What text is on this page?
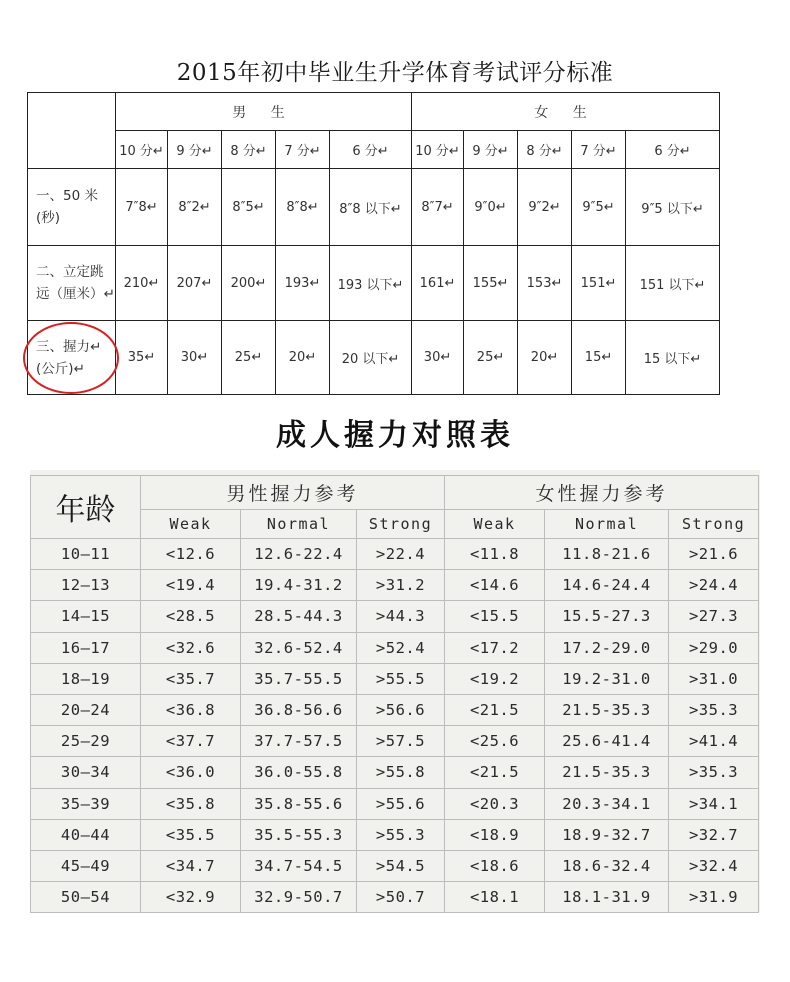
2015年初中毕业生升学体育考试评分标准
	男 生					女 生				
	10 分↵	9 分↵	8 分↵	7 分↵	6 分↵	10 分↵	9 分↵	8 分↵	7 分↵	6 分↵
一、50 米
(秒)	7″8↵	8″2↵	8″5↵	8″8↵	8″8 以下↵	8″7↵	9″0↵	9″2↵	9″5↵	9″5 以下↵
二、立定跳
远（厘米）↵	210↵	207↵	200↵	193↵	193 以下↵	161↵	155↵	153↵	151↵	151 以下↵
三、握力↵
(公斤)↵	35↵	30↵	25↵	20↵	20 以下↵	30↵	25↵	20↵	15↵	15 以下↵
成人握力对照表
年龄	男性握力参考			女性握力参考		
	Weak	Normal	Strong	Weak	Normal	Strong
10—11	<12.6	12.6-22.4	>22.4	<11.8	11.8-21.6	>21.6
12—13	<19.4	19.4-31.2	>31.2	<14.6	14.6-24.4	>24.4
14—15	<28.5	28.5-44.3	>44.3	<15.5	15.5-27.3	>27.3
16—17	<32.6	32.6-52.4	>52.4	<17.2	17.2-29.0	>29.0
18—19	<35.7	35.7-55.5	>55.5	<19.2	19.2-31.0	>31.0
20—24	<36.8	36.8-56.6	>56.6	<21.5	21.5-35.3	>35.3
25—29	<37.7	37.7-57.5	>57.5	<25.6	25.6-41.4	>41.4
30—34	<36.0	36.0-55.8	>55.8	<21.5	21.5-35.3	>35.3
35—39	<35.8	35.8-55.6	>55.6	<20.3	20.3-34.1	>34.1
40—44	<35.5	35.5-55.3	>55.3	<18.9	18.9-32.7	>32.7
45—49	<34.7	34.7-54.5	>54.5	<18.6	18.6-32.4	>32.4
50—54	<32.9	32.9-50.7	>50.7	<18.1	18.1-31.9	>31.9
